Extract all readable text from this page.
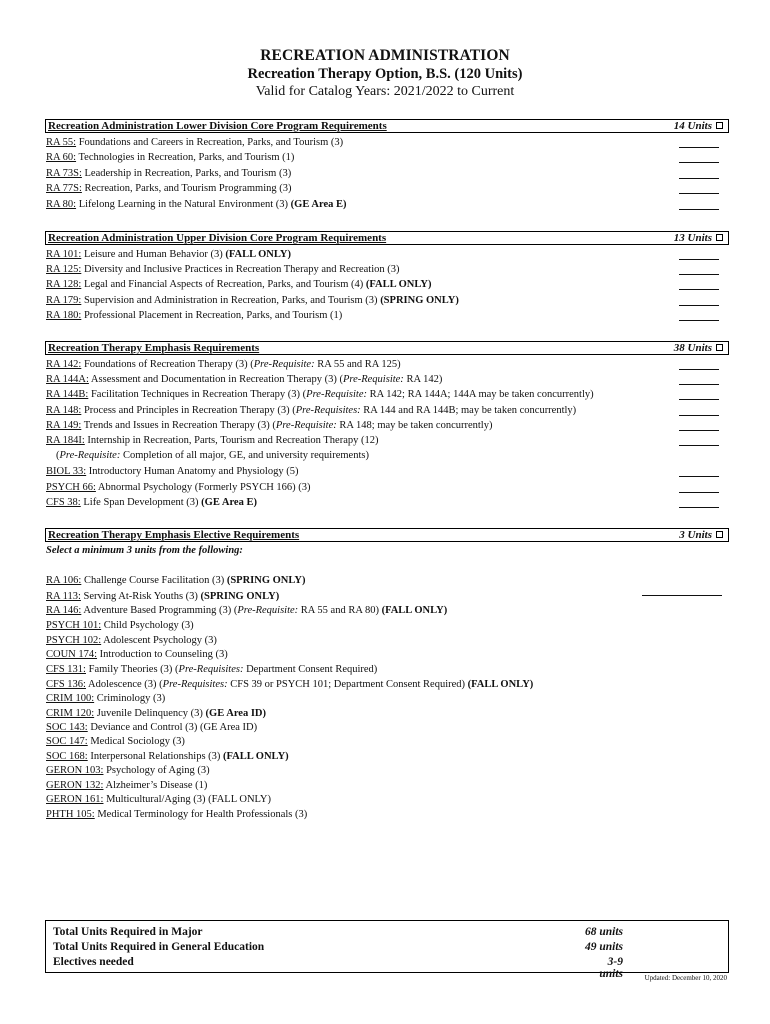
RECREATION ADMINISTRATION
Recreation Therapy Option, B.S. (120 Units)
Valid for Catalog Years: 2021/2022 to Current
Recreation Administration Lower Division Core Program Requirements	14 Units
RA 55: Foundations and Careers in Recreation, Parks, and Tourism (3)
RA 60: Technologies in Recreation, Parks, and Tourism (1)
RA 73S: Leadership in Recreation, Parks, and Tourism (3)
RA 77S: Recreation, Parks, and Tourism Programming (3)
RA 80: Lifelong Learning in the Natural Environment (3) (GE Area E)
Recreation Administration Upper Division Core Program Requirements	13 Units
RA 101: Leisure and Human Behavior (3) (FALL ONLY)
RA 125: Diversity and Inclusive Practices in Recreation Therapy and Recreation (3)
RA 128: Legal and Financial Aspects of Recreation, Parks, and Tourism (4) (FALL ONLY)
RA 179: Supervision and Administration in Recreation, Parks, and Tourism (3) (SPRING ONLY)
RA 180: Professional Placement in Recreation, Parks, and Tourism (1)
Recreation Therapy Emphasis Requirements	38 Units
RA 142: Foundations of Recreation Therapy (3) (Pre-Requisite: RA 55 and RA 125)
RA 144A: Assessment and Documentation in Recreation Therapy (3) (Pre-Requisite: RA 142)
RA 144B: Facilitation Techniques in Recreation Therapy (3) (Pre-Requisite: RA 142; RA 144A; 144A may be taken concurrently)
RA 148: Process and Principles in Recreation Therapy (3) (Pre-Requisites: RA 144 and RA 144B; may be taken concurrently)
RA 149: Trends and Issues in Recreation Therapy (3) (Pre-Requisite: RA 148; may be taken concurrently)
RA 184I: Internship in Recreation, Parts, Tourism and Recreation Therapy (12)
(Pre-Requisite: Completion of all major, GE, and university requirements)
BIOL 33: Introductory Human Anatomy and Physiology (5)
PSYCH 66: Abnormal Psychology (Formerly PSYCH 166) (3)
CFS 38: Life Span Development (3) (GE Area E)
Recreation Therapy Emphasis Elective Requirements	3 Units
Select a minimum 3 units from the following:
RA 106: Challenge Course Facilitation (3) (SPRING ONLY)
RA 113: Serving At-Risk Youths (3) (SPRING ONLY)
RA 146: Adventure Based Programming (3) (Pre-Requisite: RA 55 and RA 80) (FALL ONLY)
PSYCH 101: Child Psychology (3)
PSYCH 102: Adolescent Psychology (3)
COUN 174: Introduction to Counseling (3)
CFS 131: Family Theories (3) (Pre-Requisites: Department Consent Required)
CFS 136: Adolescence (3) (Pre-Requisites: CFS 39 or PSYCH 101; Department Consent Required) (FALL ONLY)
CRIM 100: Criminology (3)
CRIM 120: Juvenile Delinquency (3) (GE Area ID)
SOC 143: Deviance and Control (3) (GE Area ID)
SOC 147: Medical Sociology (3)
SOC 168: Interpersonal Relationships (3) (FALL ONLY)
GERON 103: Psychology of Aging (3)
GERON 132: Alzheimer’s Disease (1)
GERON 161: Multicultural/Aging (3) (FALL ONLY)
PHTH 105: Medical Terminology for Health Professionals (3)
Total Units Required in Major	68 units
Total Units Required in General Education	49 units
Electives needed	3-9 units	Updated: December 10, 2020
